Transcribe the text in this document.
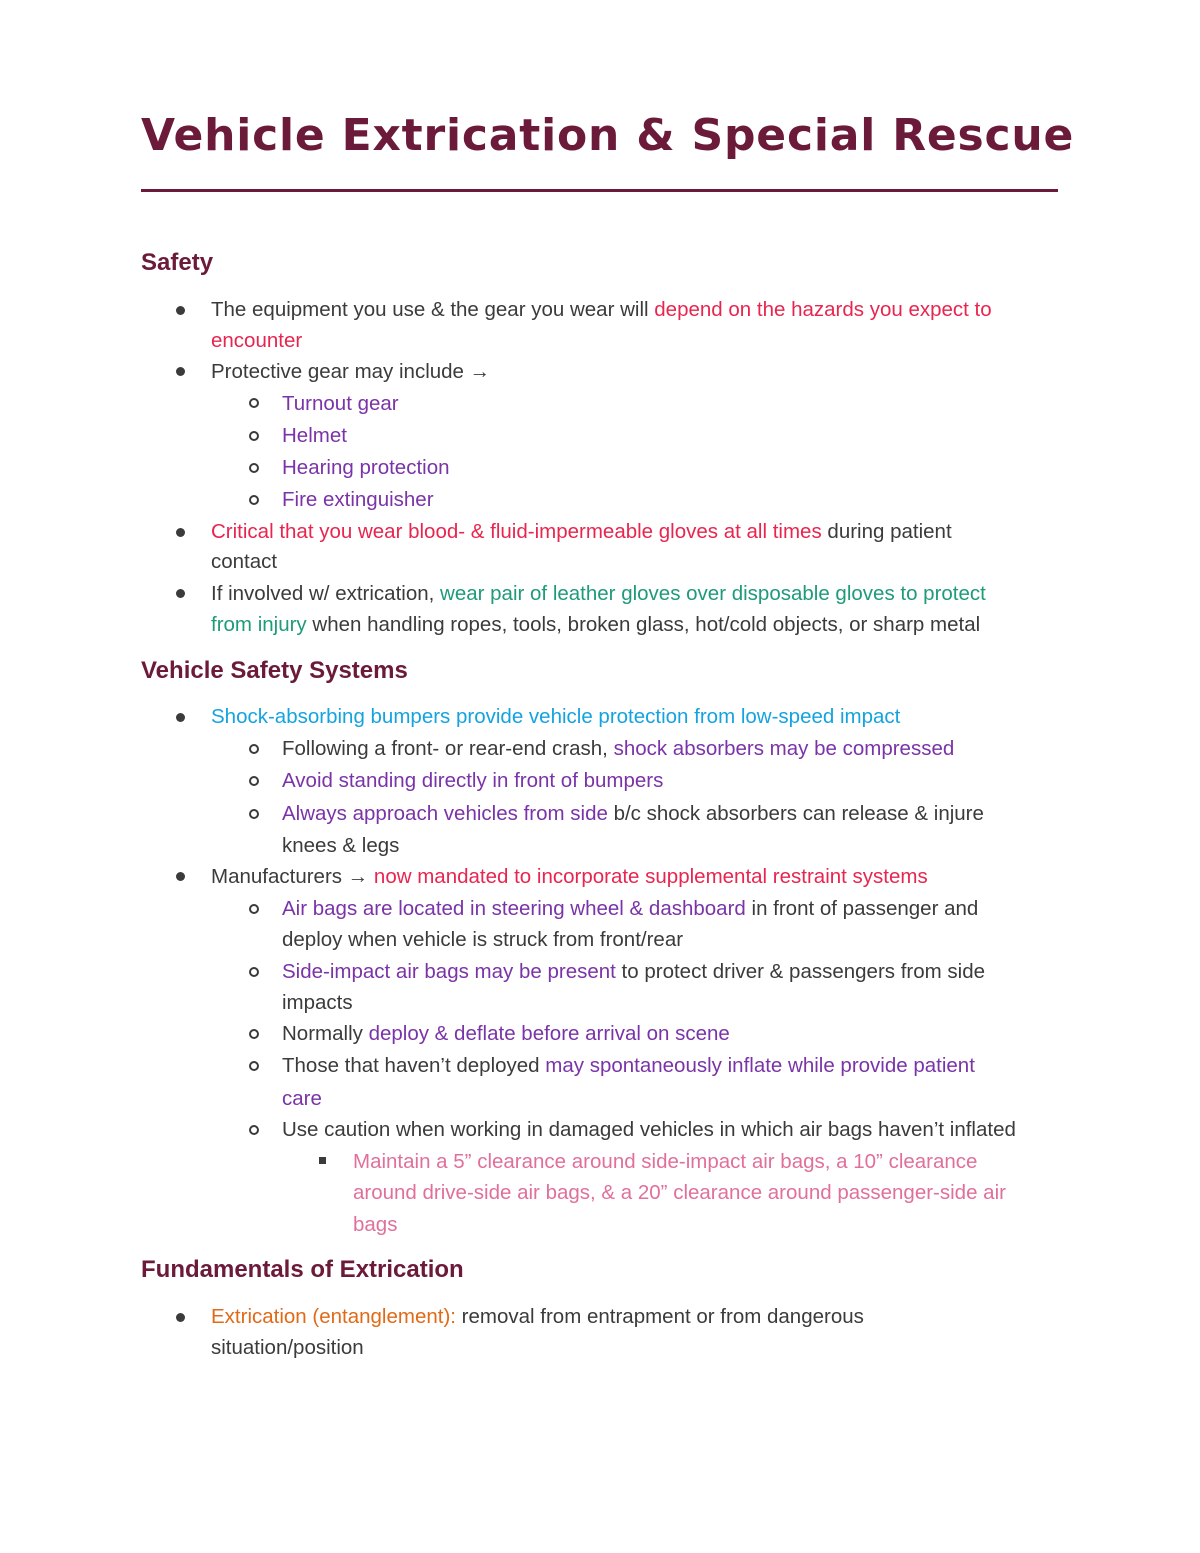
Vehicle Extrication & Special Rescue
Safety
The equipment you use & the gear you wear will depend on the hazards you expect to
encounter
Protective gear may include →
Turnout gear
Helmet
Hearing protection
Fire extinguisher
Critical that you wear blood- & fluid-impermeable gloves at all times during patient
contact
If involved w/ extrication, wear pair of leather gloves over disposable gloves to protect
from injury when handling ropes, tools, broken glass, hot/cold objects, or sharp metal
Vehicle Safety Systems
Shock-absorbing bumpers provide vehicle protection from low-speed impact
Following a front- or rear-end crash, shock absorbers may be compressed
Avoid standing directly in front of bumpers
Always approach vehicles from side b/c shock absorbers can release & injure
knees & legs
Manufacturers → now mandated to incorporate supplemental restraint systems
Air bags are located in steering wheel & dashboard in front of passenger and
deploy when vehicle is struck from front/rear
Side-impact air bags may be present to protect driver & passengers from side
impacts
Normally deploy & deflate before arrival on scene
Those that haven’t deployed may spontaneously inflate while provide patient
care
Use caution when working in damaged vehicles in which air bags haven’t inflated
Maintain a 5” clearance around side-impact air bags, a 10” clearance
around drive-side air bags, & a 20” clearance around passenger-side air
bags
Fundamentals of Extrication
Extrication (entanglement): removal from entrapment or from dangerous
situation/position
